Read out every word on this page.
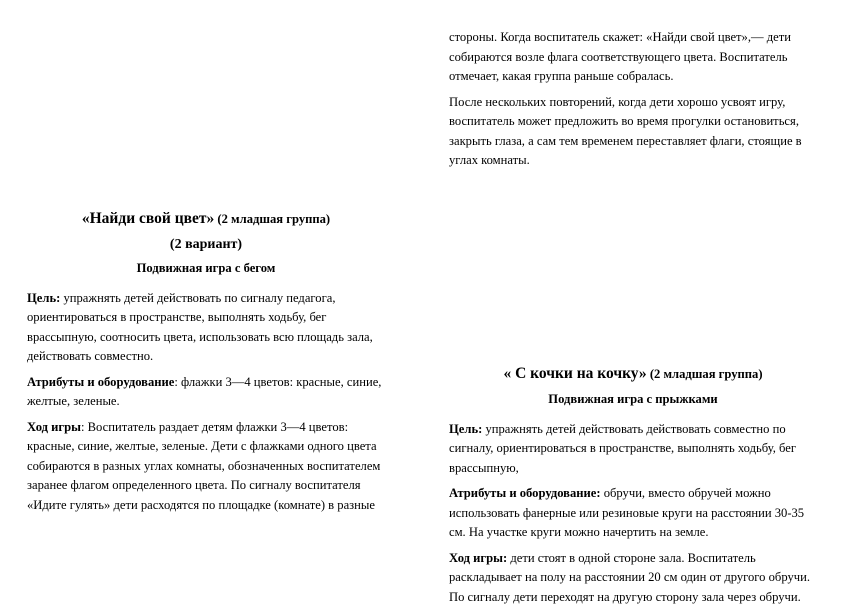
«Найди свой цвет» (2 младшая группа)

(2 вариант)

Подвижная игра с бегом

Цель: упражнять детей действовать по сигналу педагога, ориентироваться в пространстве, выполнять ходьбу, бег врассыпную, соотносить цвета, использовать всю площадь зала, действовать совместно.

Атрибуты и оборудование: флажки 3—4 цветов: красные, синие, желтые, зеленые.

Ход игры: Воспитатель раздает детям флажки 3—4 цветов: красные, синие, желтые, зеленые. Дети с флажками одного цвета собираются в разных углах комнаты, обозначенных воспитателем заранее флагом определенного цвета. По сигналу воспитателя «Идите гулять» дети расходятся по площадке (комнате) в разные

стороны. Когда воспитатель скажет: «Найди свой цвет»,— дети собираются возле флага соответствующего цвета. Воспитатель отмечает, какая группа раньше собралась.

После нескольких повторений, когда дети хорошо усвоят игру, воспитатель может предложить во время прогулки остановиться, закрыть глаза, а сам тем временем переставляет флаги, стоящие в углах комнаты.

« С кочки на кочку» (2 младшая группа)

Подвижная игра с прыжками

Цель: упражнять детей действовать действовать совместно по сигналу, ориентироваться в пространстве, выполнять ходьбу, бег врассыпную,

Атрибуты и оборудование: обручи, вместо обручей можно использовать фанерные или резиновые круги на расстоянии 30-35 см. На участке круги можно начертить на земле.

Ход игры: дети стоят в одной стороне зала. Воспитатель раскладывает на полу на расстоянии 20 см один от другого обручи. По сигналу дети переходят на другую сторону зала через обручи.
